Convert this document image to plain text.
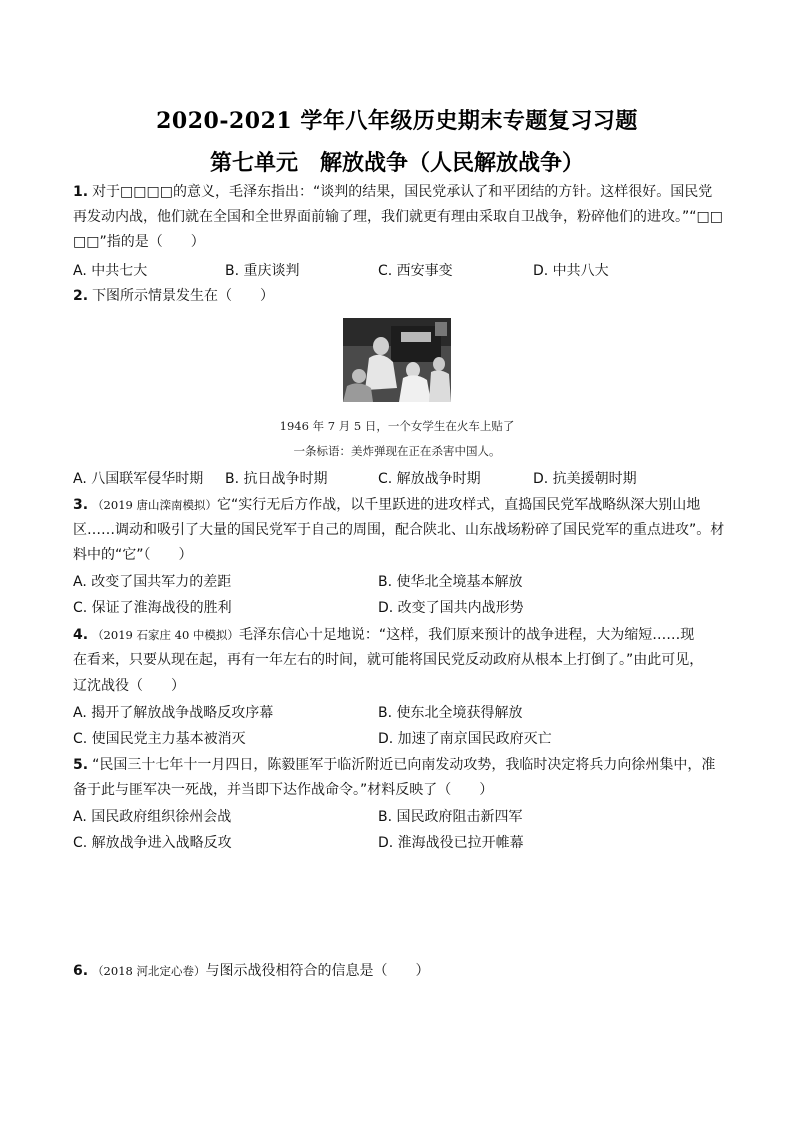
2020-2021 学年八年级历史期末专题复习习题
第七单元　解放战争（人民解放战争）
1. 对于□□□□的意义，毛泽东指出：“谈判的结果，国民党承认了和平团结的方针。这样很好。国民党
再发动内战，他们就在全国和全世界面前输了理，我们就更有理由采取自卫战争，粉碎他们的进攻。”“□□
□□”指的是（　　）
A. 中共七大	B. 重庆谈判	C. 西安事变	D. 中共八大
2. 下图所示情景发生在（　　）
1946 年 7 月 5 日，一个女学生在火车上贴了
一条标语：美炸弹现在正在杀害中国人。
A. 八国联军侵华时期 B. 抗日战争时期	C. 解放战争时期	D. 抗美援朝时期
3. （2019 唐山滦南模拟）它“实行无后方作战，以千里跃进的进攻样式，直捣国民党军战略纵深大别山地
区……调动和吸引了大量的国民党军于自己的周围，配合陕北、山东战场粉碎了国民党军的重点进攻”。材
料中的“它”（　　）
A. 改变了国共军力的差距	B. 使华北全境基本解放
C. 保证了淮海战役的胜利	D. 改变了国共内战形势
4. （2019 石家庄 40 中模拟）毛泽东信心十足地说：“这样，我们原来预计的战争进程，大为缩短……现
在看来，只要从现在起，再有一年左右的时间，就可能将国民党反动政府从根本上打倒了。”由此可见，
辽沈战役（　　）
A. 揭开了解放战争战略反攻序幕	B. 使东北全境获得解放
C. 使国民党主力基本被消灭	D. 加速了南京国民政府灭亡
5. “民国三十七年十一月四日，陈毅匪军于临沂附近已向南发动攻势，我临时决定将兵力向徐州集中，准
备于此与匪军决一死战，并当即下达作战命令。”材料反映了（　　）
A. 国民政府组织徐州会战	B. 国民政府阻击新四军
C. 解放战争进入战略反攻	D. 淮海战役已拉开帷幕
6. （2018 河北定心卷）与图示战役相符合的信息是（　　）
